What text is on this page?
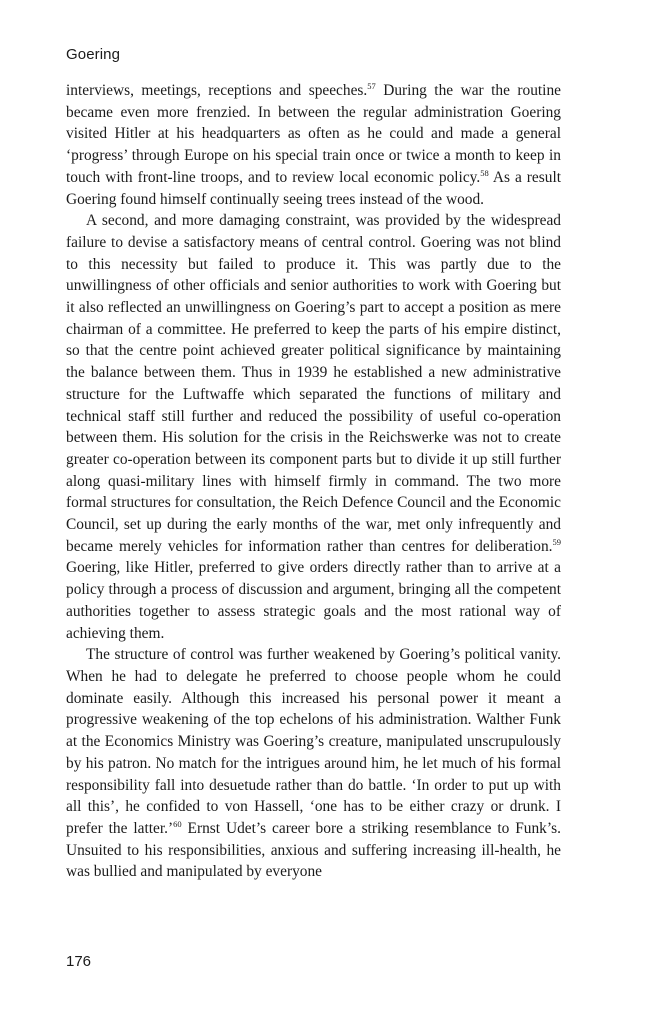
Goering

interviews, meetings, receptions and speeches.$^{57}$ During the war the routine became even more frenzied. In between the regular administration Goering visited Hitler at his headquarters as often as he could and made a general ‘progress’ through Europe on his special train once or twice a month to keep in touch with front-line troops, and to review local economic policy.$^{58}$ As a result Goering found himself continually seeing trees instead of the wood.

A second, and more damaging constraint, was provided by the widespread failure to devise a satisfactory means of central control. Goering was not blind to this necessity but failed to produce it. This was partly due to the unwillingness of other officials and senior authorities to work with Goering but it also reflected an unwillingness on Goering’s part to accept a position as mere chairman of a committee. He preferred to keep the parts of his empire distinct, so that the centre point achieved greater political significance by maintaining the balance between them. Thus in 1939 he established a new administrative structure for the Luftwaffe which separated the functions of military and technical staff still further and reduced the possibility of useful co-operation between them. His solution for the crisis in the Reichswerke was not to create greater co-operation between its component parts but to divide it up still further along quasi-military lines with himself firmly in command. The two more formal structures for consultation, the Reich Defence Council and the Economic Council, set up during the early months of the war, met only infrequently and became merely vehicles for information rather than centres for deliberation.$^{59}$ Goering, like Hitler, preferred to give orders directly rather than to arrive at a policy through a process of discussion and argument, bringing all the competent authorities together to assess strategic goals and the most rational way of achieving them.

The structure of control was further weakened by Goering’s political vanity. When he had to delegate he preferred to choose people whom he could dominate easily. Although this increased his personal power it meant a progressive weakening of the top echelons of his administration. Walther Funk at the Economics Ministry was Goering’s creature, manipulated unscrupulously by his patron. No match for the intrigues around him, he let much of his formal responsibility fall into desuetude rather than do battle. ‘In order to put up with all this’, he confided to von Hassell, ‘one has to be either crazy or drunk. I prefer the latter.’$^{60}$ Ernst Udet’s career bore a striking resemblance to Funk’s. Unsuited to his responsibilities, anxious and suffering increasing ill-health, he was bullied and manipulated by everyone

176
